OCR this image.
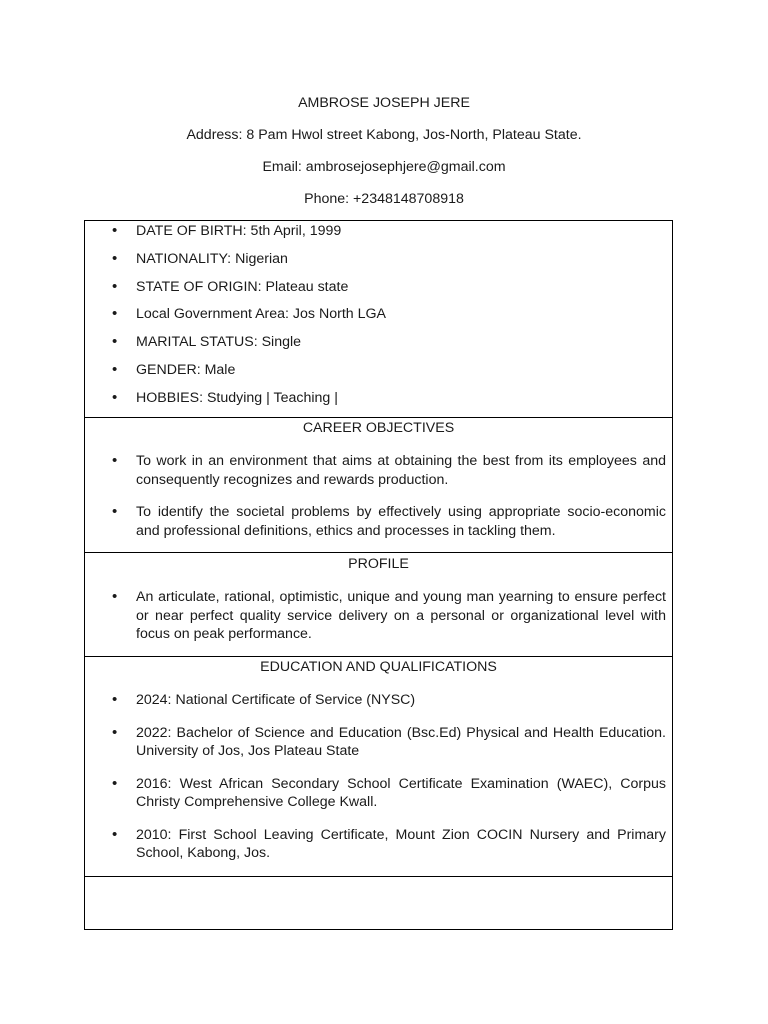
AMBROSE JOSEPH JERE
Address: 8 Pam Hwol street Kabong, Jos-North, Plateau State.
Email: ambrosejosephjere@gmail.com
Phone: +2348148708918
• DATE OF BIRTH: 5th April, 1999
• NATIONALITY: Nigerian
• STATE OF ORIGIN: Plateau state
• Local Government Area: Jos North LGA
• MARITAL STATUS: Single
• GENDER: Male
• HOBBIES: Studying | Teaching |
CAREER OBJECTIVES
• To work in an environment that aims at obtaining the best from its employees and consequently recognizes and rewards production.
• To identify the societal problems by effectively using appropriate socio-economic and professional definitions, ethics and processes in tackling them.
PROFILE
• An articulate, rational, optimistic, unique and young man yearning to ensure perfect or near perfect quality service delivery on a personal or organizational level with focus on peak performance.
EDUCATION AND QUALIFICATIONS
• 2024: National Certificate of Service (NYSC)
• 2022: Bachelor of Science and Education (Bsc.Ed) Physical and Health Education. University of Jos, Jos Plateau State
• 2016: West African Secondary School Certificate Examination (WAEC), Corpus Christy Comprehensive College Kwall.
• 2010: First School Leaving Certificate, Mount Zion COCIN Nursery and Primary School, Kabong, Jos.
